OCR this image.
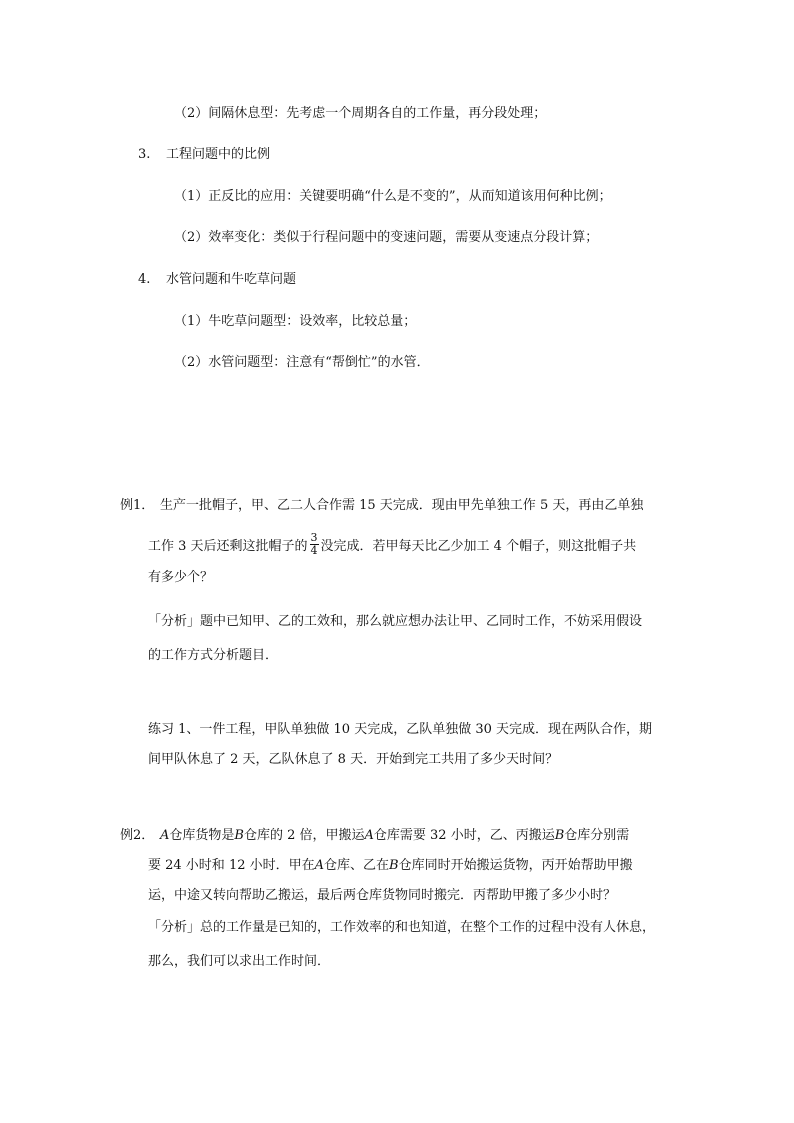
（2）间隔休息型：先考虑一个周期各自的工作量，再分段处理；
3. 工程问题中的比例
（1）正反比的应用：关键要明确“什么是不变的”，从而知道该用何种比例；
（2）效率变化：类似于行程问题中的变速问题，需要从变速点分段计算；
4. 水管问题和牛吃草问题
（1）牛吃草问题型：设效率，比较总量；
（2）水管问题型：注意有“帮倒忙”的水管．
例1． 生产一批帽子，甲、乙二人合作需 15 天完成．现由甲先单独工作 5 天，再由乙单独
工作 3 天后还剩这批帽子的 $\frac{3}{4}$ 没完成．若甲每天比乙少加工 4 个帽子，则这批帽子共
有多少个？
「分析」题中已知甲、乙的工效和，那么就应想办法让甲、乙同时工作，不妨采用假设
的工作方式分析题目．
练习 1、一件工程，甲队单独做 10 天完成，乙队单独做 30 天完成．现在两队合作，期
间甲队休息了 2 天，乙队休息了 8 天．开始到完工共用了多少天时间？
例2． A仓库货物是B仓库的 2 倍，甲搬运A仓库需要 32 小时，乙、丙搬运B仓库分别需
要 24 小时和 12 小时．甲在A仓库、乙在B仓库同时开始搬运货物，丙开始帮助甲搬
运，中途又转向帮助乙搬运，最后两仓库货物同时搬完．丙帮助甲搬了多少小时？
「分析」总的工作量是已知的，工作效率的和也知道，在整个工作的过程中没有人休息，
那么，我们可以求出工作时间．
